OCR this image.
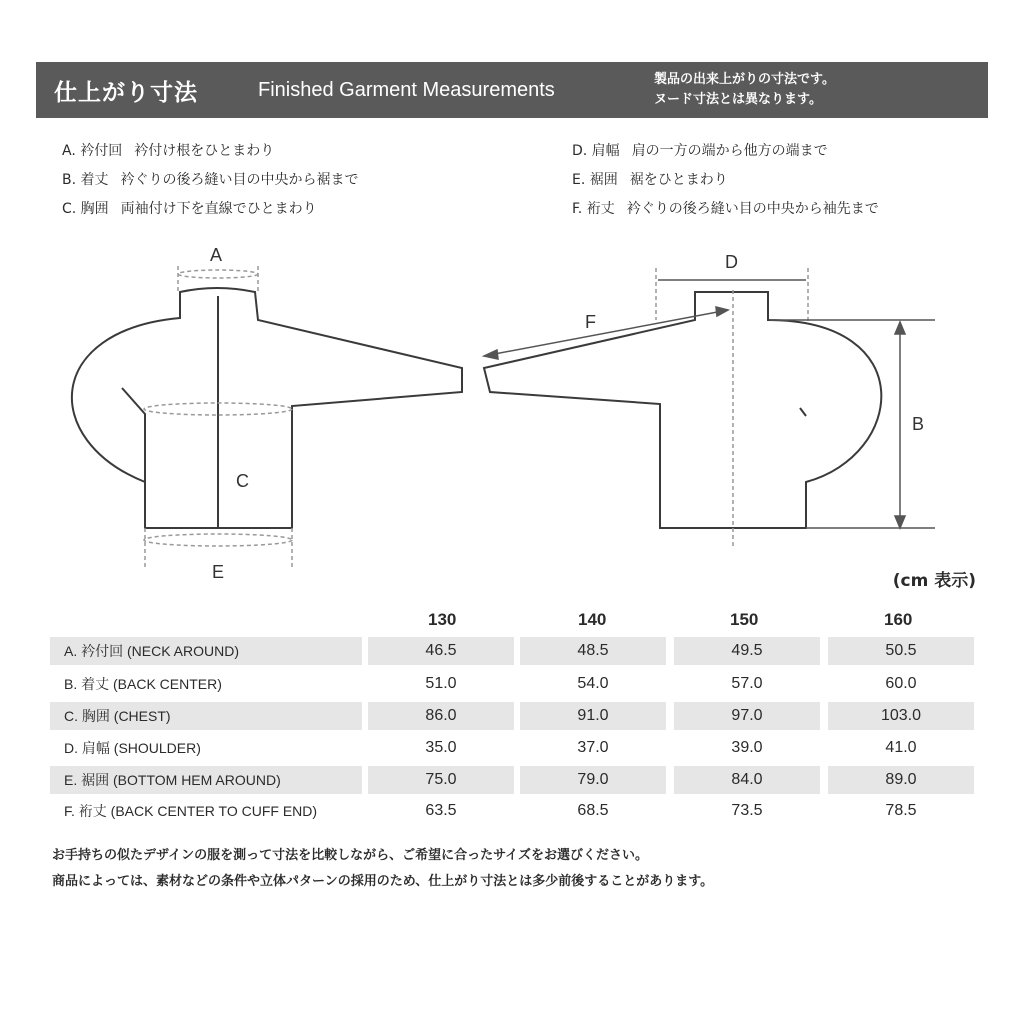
仕上がり寸法	Finished Garment Measurements	製品の出来上がりの寸法です。
ヌード寸法とは異なります。
A. 衿付回 衿付け根をひとまわり
B. 着丈 衿ぐりの後ろ縫い目の中央から裾まで
C. 胸囲 両袖付け下を直線でひとまわり
D. 肩幅 肩の一方の端から他方の端まで
E. 裾囲 裾をひとまわり
F. 裄丈 衿ぐりの後ろ縫い目の中央から袖先まで
A
C
E
D
B
F
(cm 表示)
130	140	150	160
A. 衿付回 (NECK AROUND)	46.5	48.5	49.5	50.5
B. 着丈 (BACK CENTER)	51.0	54.0	57.0	60.0
C. 胸囲 (CHEST)	86.0	91.0	97.0	103.0
D. 肩幅 (SHOULDER)	35.0	37.0	39.0	41.0
E. 裾囲 (BOTTOM HEM AROUND)	75.0	79.0	84.0	89.0
F. 裄丈 (BACK CENTER TO CUFF END)	63.5	68.5	73.5	78.5
お手持ちの似たデザインの服を測って寸法を比較しながら、ご希望に合ったサイズをお選びください。
商品によっては、素材などの条件や立体パターンの採用のため、仕上がり寸法とは多少前後することがあります。
